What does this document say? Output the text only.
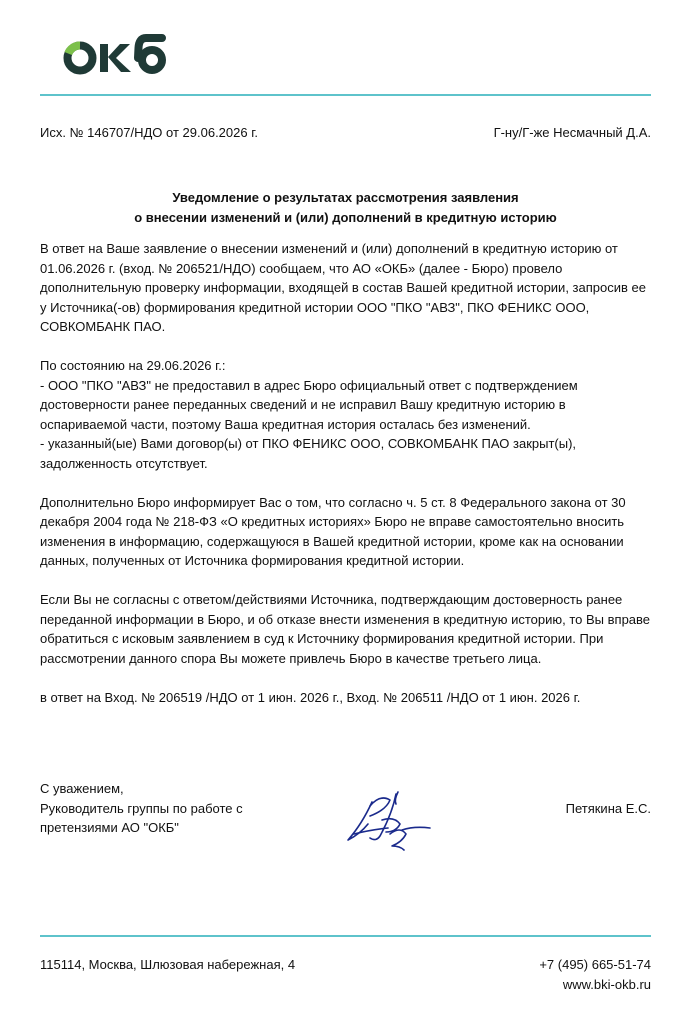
Исх. № 146707/НДО от 29.06.2026 г.	Г-ну/Г-же Несмачный Д.А.
Уведомление о результатах рассмотрения заявления
о внесении изменений и (или) дополнений в кредитную историю

В ответ на Ваше заявление о внесении изменений и (или) дополнений в кредитную историю от 01.06.2026 г. (вход. № 206521/НДО) сообщаем, что АО «ОКБ» (далее - Бюро) провело дополнительную проверку информации, входящей в состав Вашей кредитной истории, запросив ее у Источника(-ов) формирования кредитной истории ООО "ПКО "АВЗ", ПКО ФЕНИКС ООО, СОВКОМБАНК ПАО.

По состоянию на 29.06.2026 г.:
- ООО "ПКО "АВЗ" не предоставил в адрес Бюро официальный ответ с подтверждением достоверности ранее переданных сведений и не исправил Вашу кредитную историю в оспариваемой части, поэтому Ваша кредитная история осталась без изменений.
- указанный(ые) Вами договор(ы) от ПКО ФЕНИКС ООО, СОВКОМБАНК ПАО закрыт(ы), задолженность отсутствует.

Дополнительно Бюро информирует Вас о том, что согласно ч. 5 ст. 8 Федерального закона от 30 декабря 2004 года № 218-ФЗ «О кредитных историях» Бюро не вправе самостоятельно вносить изменения в информацию, содержащуюся в Вашей кредитной истории, кроме как на основании данных, полученных от Источника формирования кредитной истории.

Если Вы не согласны с ответом/действиями Источника, подтверждающим достоверность ранее переданной информации в Бюро, и об отказе внести изменения в кредитную историю, то Вы вправе обратиться с исковым заявлением в суд к Источнику формирования кредитной истории. При рассмотрении данного спора Вы можете привлечь Бюро в качестве третьего лица.

в ответ на Вход. № 206519 /НДО от 1 июн. 2026 г., Вход. № 206511 /НДО от 1 июн. 2026 г.

С уважением,
Руководитель группы по работе с
претензиями АО "ОКБ"
Петякина Е.С.
115114, Москва, Шлюзовая набережная, 4	+7 (495) 665-51-74
www.bki-okb.ru
